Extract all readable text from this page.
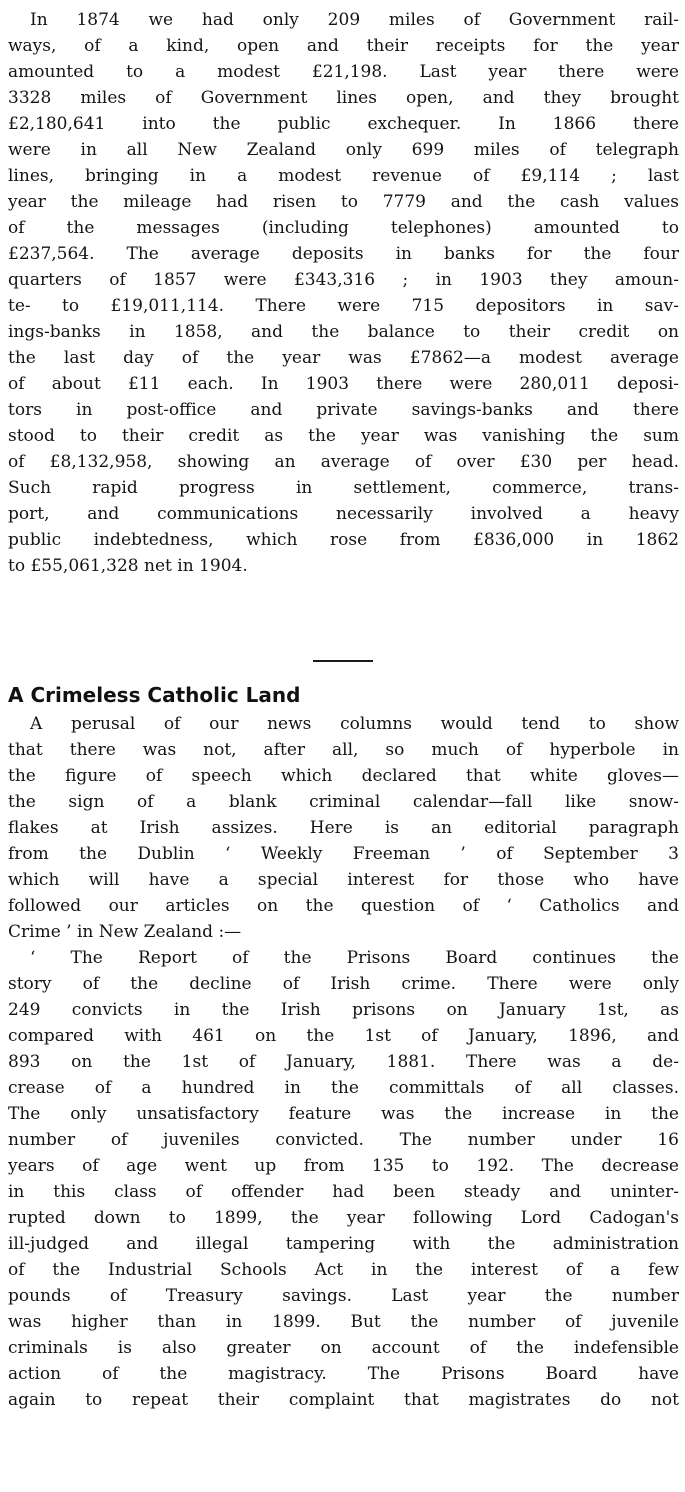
In 1874 we had only 209 miles of Government rail-
ways, of a kind, open and their receipts for the year
amounted to a modest £21,198. Last year there were
3328 miles of Government lines open, and they brought
£2,180,641 into the public exchequer. In 1866 there
were in all New Zealand only 699 miles of telegraph
lines, bringing in a modest revenue of £9,114 ; last
year the mileage had risen to 7779 and the cash values
of the messages (including telephones) amounted to
£237,564. The average deposits in banks for the four
quarters of 1857 were £343,316 ; in 1903 they amoun-
te- to £19,011,114. There were 715 depositors in sav-
ings-banks in 1858, and the balance to their credit on
the last day of the year was £7862—a modest average
of about £11 each. In 1903 there were 280,011 deposi-
tors in post-office and private savings-banks and there
stood to their credit as the year was vanishing the sum
of £8,132,958, showing an average of over £30 per head.
Such rapid progress in settlement, commerce, trans-
port, and communications necessarily involved a heavy
public indebtedness, which rose from £836,000 in 1862
to £55,061,328 net in 1904.
A Crimeless Catholic Land
A perusal of our news columns would tend to show
that there was not, after all, so much of hyperbole in
the figure of speech which declared that white gloves—
the sign of a blank criminal calendar—fall like snow-
flakes at Irish assizes. Here is an editorial paragraph
from the Dublin ‘ Weekly Freeman ’ of September 3
which will have a special interest for those who have
followed our articles on the question of ‘ Catholics and
Crime ’ in New Zealand :—
‘ The Report of the Prisons Board continues the
story of the decline of Irish crime. There were only
249 convicts in the Irish prisons on January 1st, as
compared with 461 on the 1st of January, 1896, and
893 on the 1st of January, 1881. There was a de-
crease of a hundred in the committals of all classes.
The only unsatisfactory feature was the increase in the
number of juveniles convicted. The number under 16
years of age went up from 135 to 192. The decrease
in this class of offender had been steady and uninter-
rupted down to 1899, the year following Lord Cadogan's
ill-judged and illegal tampering with the administration
of the Industrial Schools Act in the interest of a few
pounds of Treasury savings. Last year the number
was higher than in 1899. But the number of juvenile
criminals is also greater on account of the indefensible
action of the magistracy. The Prisons Board have
again to repeat their complaint that magistrates do not
